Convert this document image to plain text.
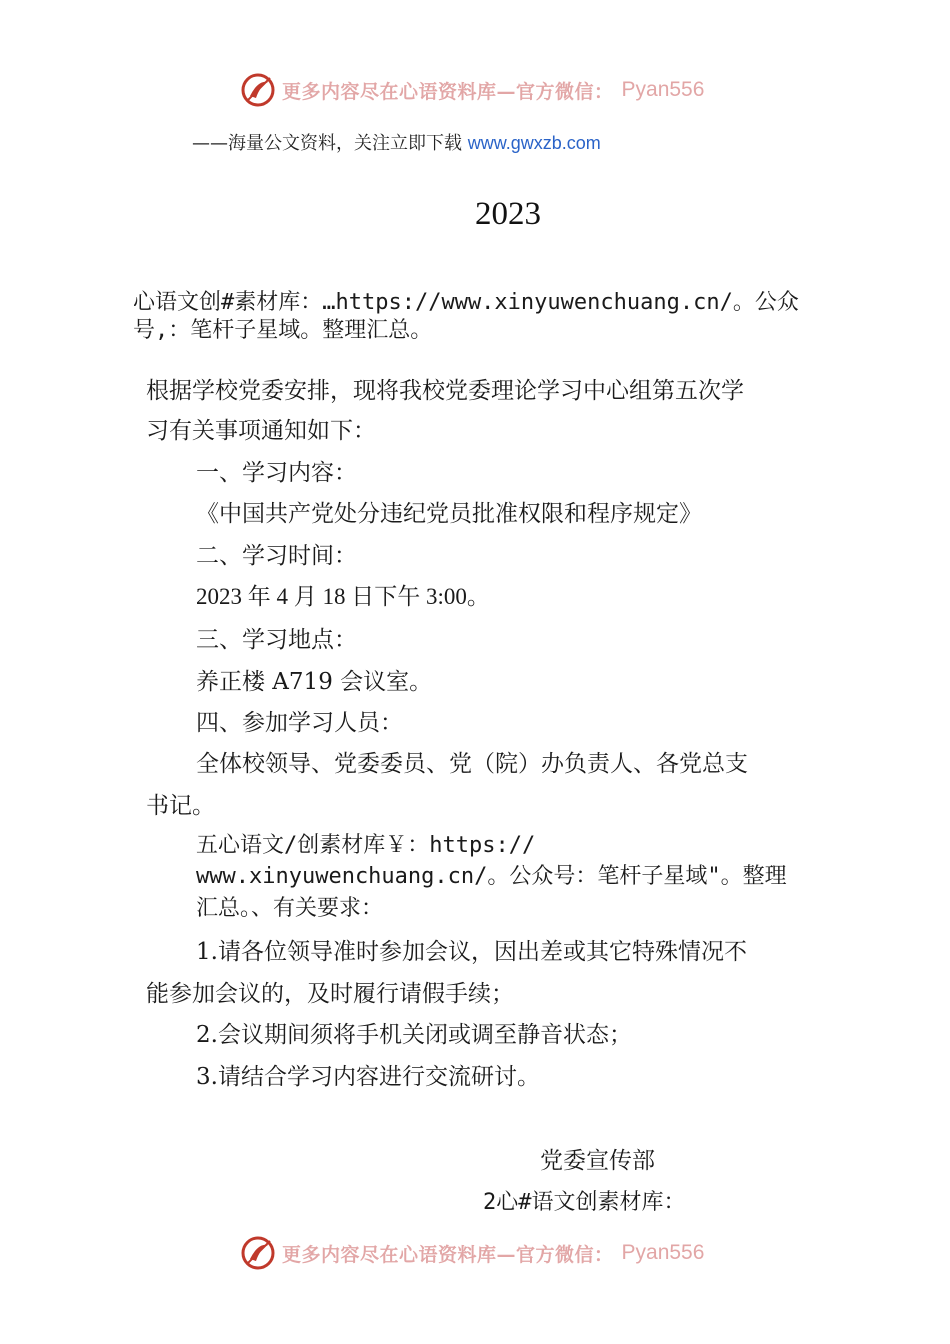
更多内容尽在心语资料库—官方微信： Pyan556
——海量公文资料，关注立即下载 www.gwxzb.com
2023
心语文创#素材库：…https://www.xinyuwenchuang.cn/。公众
号,：笔杆子星域。整理汇总。
根据学校党委安排，现将我校党委理论学习中心组第五次学
习有关事项通知如下：
一、学习内容：
《中国共产党处分违纪党员批准权限和程序规定》
二、学习时间：
2023 年 4 月 18 日下午 3:00。
三、学习地点：
养正楼 A719 会议室。
四、参加学习人员：
全体校领导、党委委员、党（院）办负责人、各党总支
书记。
五心语文/创素材库￥：https://
www.xinyuwenchuang.cn/。公众号：笔杆子星域"。整理
汇总。、有关要求：
1.请各位领导准时参加会议，因出差或其它特殊情况不
能参加会议的，及时履行请假手续；
2.会议期间须将手机关闭或调至静音状态；
3.请结合学习内容进行交流研讨。
党委宣传部
2心#语文创素材库：
更多内容尽在心语资料库—官方微信： Pyan556
